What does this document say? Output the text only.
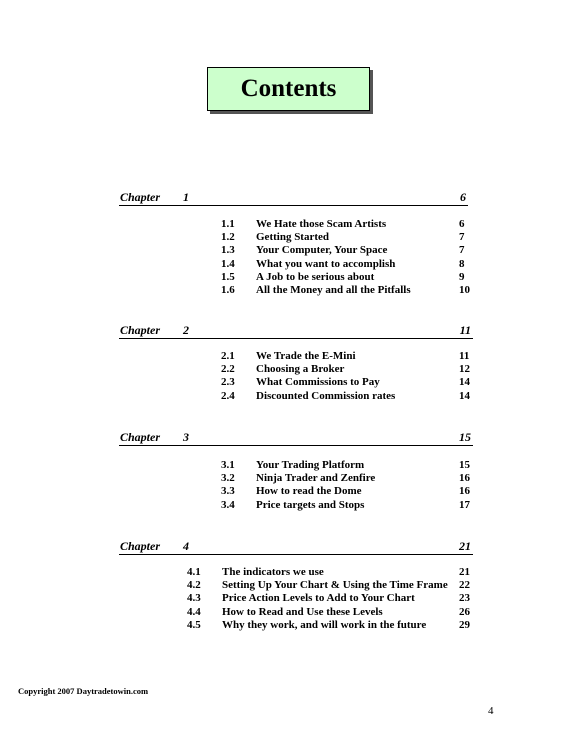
Contents
Chapter 1	6
1.1 We Hate those Scam Artists	6
1.2 Getting Started	7
1.3 Your Computer, Your Space	7
1.4 What you want to accomplish	8
1.5 A Job to be serious about	9
1.6 All the Money and all the Pitfalls	10
Chapter 2	11
2.1 We Trade the E-Mini	11
2.2 Choosing a Broker	12
2.3 What Commissions to Pay	14
2.4 Discounted Commission rates	14
Chapter 3	15
3.1 Your Trading Platform	15
3.2 Ninja Trader and Zenfire	16
3.3 How to read the Dome	16
3.4 Price targets and Stops	17
Chapter 4	21
4.1 The indicators we use	21
4.2 Setting Up Your Chart & Using the Time Frame 22
4.3 Price Action Levels to Add to Your Chart	23
4.4 How to Read and Use these Levels	26
4.5 Why they work, and will work in the future	29
Copyright 2007 Daytradetowin.com
4
